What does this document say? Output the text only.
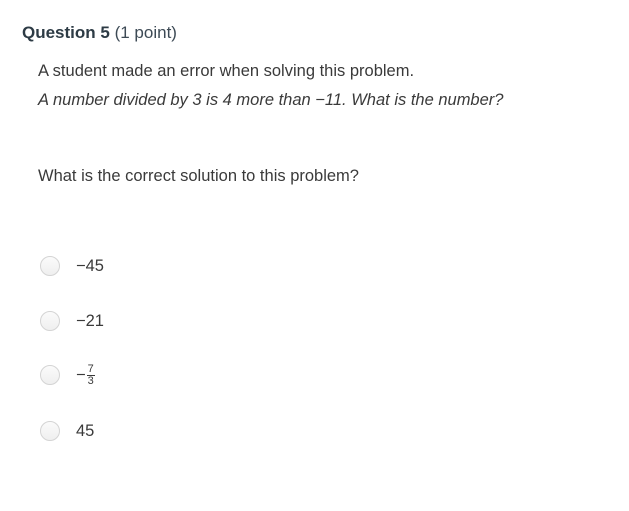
Question 5 (1 point)
A student made an error when solving this problem.
A number divided by 3 is 4 more than −11. What is the number?
What is the correct solution to this problem?
−45
−21
− $\frac{7}{3}$
45
